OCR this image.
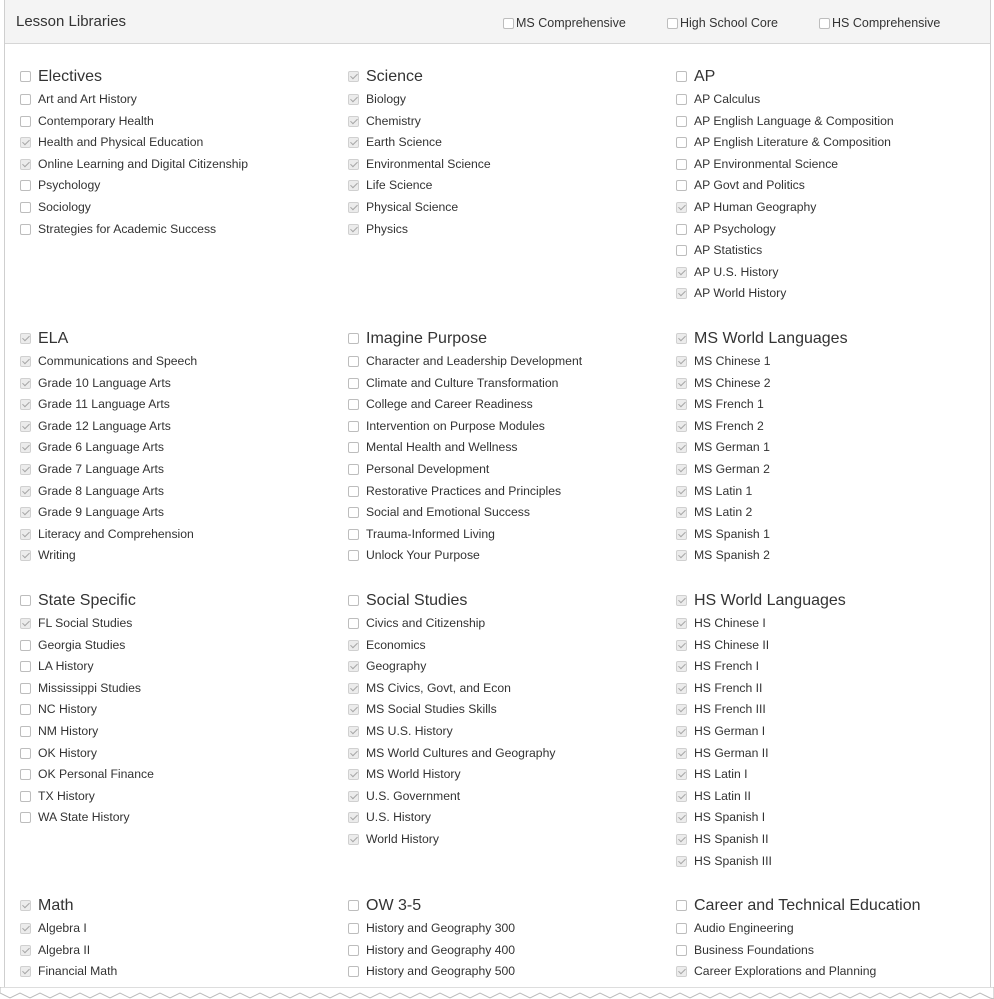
Lesson Libraries	MS Comprehensive	High School Core	HS Comprehensive
Electives
Art and Art History
Contemporary Health
Health and Physical Education
Online Learning and Digital Citizenship
Psychology
Sociology
Strategies for Academic Success
Science
Biology
Chemistry
Earth Science
Environmental Science
Life Science
Physical Science
Physics
AP
AP Calculus
AP English Language & Composition
AP English Literature & Composition
AP Environmental Science
AP Govt and Politics
AP Human Geography
AP Psychology
AP Statistics
AP U.S. History
AP World History
ELA
Communications and Speech
Grade 10 Language Arts
Grade 11 Language Arts
Grade 12 Language Arts
Grade 6 Language Arts
Grade 7 Language Arts
Grade 8 Language Arts
Grade 9 Language Arts
Literacy and Comprehension
Writing
Imagine Purpose
Character and Leadership Development
Climate and Culture Transformation
College and Career Readiness
Intervention on Purpose Modules
Mental Health and Wellness
Personal Development
Restorative Practices and Principles
Social and Emotional Success
Trauma-Informed Living
Unlock Your Purpose
MS World Languages
MS Chinese 1
MS Chinese 2
MS French 1
MS French 2
MS German 1
MS German 2
MS Latin 1
MS Latin 2
MS Spanish 1
MS Spanish 2
State Specific
FL Social Studies
Georgia Studies
LA History
Mississippi Studies
NC History
NM History
OK History
OK Personal Finance
TX History
WA State History
Social Studies
Civics and Citizenship
Economics
Geography
MS Civics, Govt, and Econ
MS Social Studies Skills
MS U.S. History
MS World Cultures and Geography
MS World History
U.S. Government
U.S. History
World History
HS World Languages
HS Chinese I
HS Chinese II
HS French I
HS French II
HS French III
HS German I
HS German II
HS Latin I
HS Latin II
HS Spanish I
HS Spanish II
HS Spanish III
Math
Algebra I
Algebra II
Financial Math
OW 3-5
History and Geography 300
History and Geography 400
History and Geography 500
Career and Technical Education
Audio Engineering
Business Foundations
Career Explorations and Planning
